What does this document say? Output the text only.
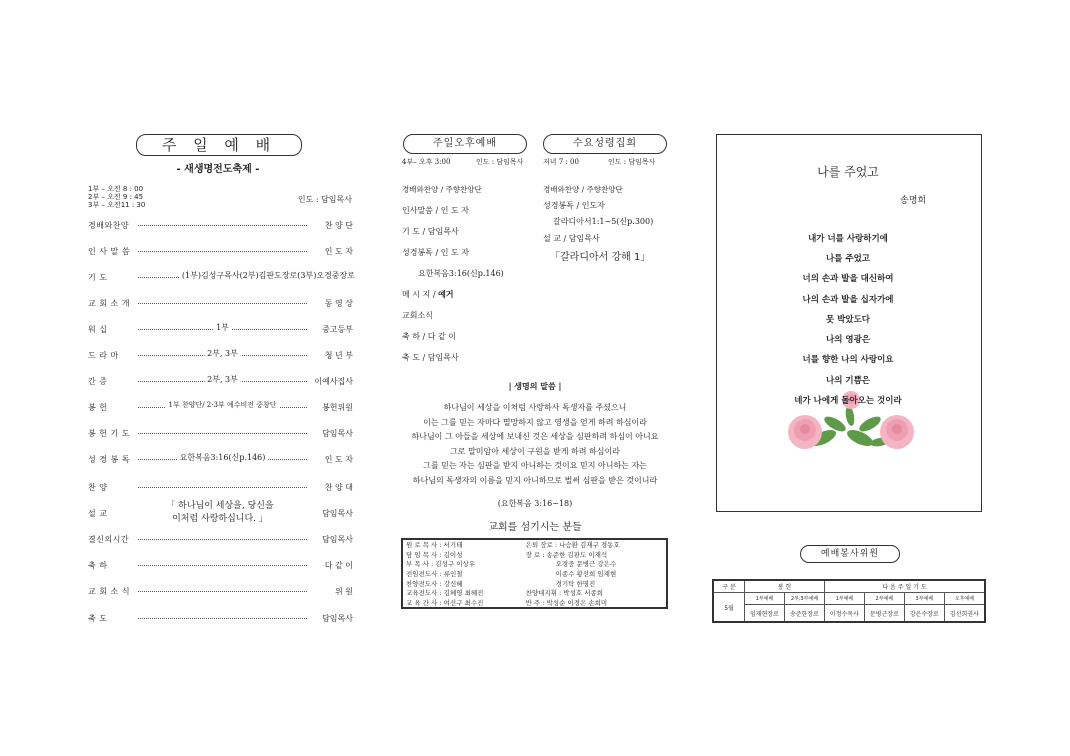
주 일 예 배
- 새생명전도축제 -
1부 – 오전 8 : 00
2부 – 오전 9 : 45
3부 – 오전11 : 30
인도 : 담임목사
경배와찬양	찬 양 단
인 사 말 씀	인 도 자
기 도	(1부)김성구목사(2부)김판도장로(3부)오경중장로
교 회 소 개	동 영 상
워 십	1부	중고등부
드 라 마	2부, 3부	청 년 부
간 증	2부, 3부	이예사집사
봉 헌	1부 찬양단/ 2·3부 예수비전 중창단	봉헌위원
봉 헌 기 도	담임목사
성 경 봉 독	요한복음3:16(신p.146)	인 도 자
찬 양	찬 양 대
설 교	담임목사
결신의시간	담임목사
축 하	다 같 이
교 회 소 식	위 원
축 도	담임목사
「 하나님이 세상을, 당신을
이처럼 사랑하십니다. 」
주일오후예배	수요성령집회
4부– 오후 3:00	인도 : 담임목사	저녁 7 : 00	인도 : 담임목사
경배와찬양 / 주향찬양단
인사말씀 / 인 도 자
기 도 / 담임목사
성경봉독 / 인 도 자
요한복음3:16(신p.146)
메 시 지 / 예거
교회소식
축 하 / 다 같 이
축 도 / 담임목사
경배와찬양 / 주향찬양단
성경봉독 / 인도자
갈라디아서1:1~5(신p.300)
설 교 / 담임목사
「갈라디아서 강해 1」
| 생명의 말씀 |
하나님이 세상을 이처럼 사랑하사 독생자를 주셨으니
이는 그를 믿는 자마다 멸망하지 않고 영생을 얻게 하려 하심이라
하나님이 그 아들을 세상에 보내신 것은 세상을 심판하려 하심이 아니요
그로 말미암아 세상이 구원을 받게 하려 하심이라
그를 믿는 자는 심판을 받지 아니하는 것이요 믿지 아니하는 자는
하나님의 독생자의 이름을 믿지 아니하므로 벌써 심판을 받은 것이니라
(요한복음 3:16~18)
교회를 섬기시는 분들
원 로 목 사 : 서기태	은퇴 장로 : 나승환 김재구 경동호
담 임 목 사 : 김이성	장 로 : 송준한 김판도 이재석
부 목 사 : 김성구 이상우	오경중 문병근 강은수
전임전도사 : 류인철	이종수 황선희 임재현
찬양전도사 : 강신혜	경기탁 한명진
교육전도사 : 김혜영 최혜진	찬양대지휘 : 박성호 서종희
교 육 간 사 : 여선구 최수진	반 주 : 박성순 이경은 손희미
나를 주었고
송명희
내가 너를 사랑하기에
나를 주었고
너의 손과 발을 대신하여
나의 손과 발을 십자가에
못 박았도다
나의 영광은
너를 향한 나의 사랑이요
나의 기쁨은
네가 나에게 돌아오는 것이라
예배봉사위원
구 분	봉 헌		다 음 주 일 기 도			
5월	1부예배	2부,3부예배	1부예배	2부예배	3부예배	오후예배
	임재현장로	송준한장로	이정수목사	문병근장로	강은수장로	김선희권사
